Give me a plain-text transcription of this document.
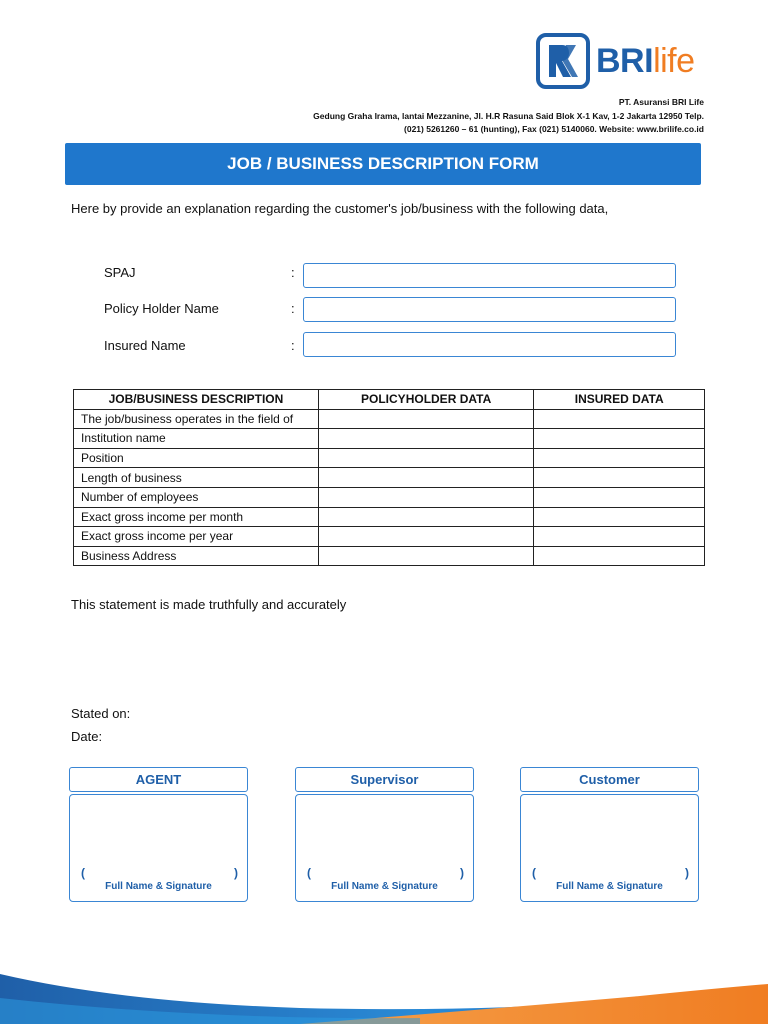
BRIlife
PT. Asuransi BRI Life
Gedung Graha Irama, lantai Mezzanine, Jl. H.R Rasuna Said Blok X-1 Kav, 1-2 Jakarta 12950 Telp.
(021) 5261260 – 61 (hunting), Fax (021) 5140060. Website: www.brilife.co.id
JOB / BUSINESS DESCRIPTION FORM
Here by provide an explanation regarding the customer's job/business with the following data,
SPAJ	:
Policy Holder Name	:
Insured Name	:
JOB/BUSINESS DESCRIPTION	POLICYHOLDER DATA	INSURED DATA
The job/business operates in the field of		
Institution name		
Position		
Length of business		
Number of employees		
Exact gross income per month		
Exact gross income per year		
Business Address		
This statement is made truthfully and accurately
Stated on:
Date:
AGENT
(	)
Full Name & Signature
Supervisor
(	)
Full Name & Signature
Customer
(	)
Full Name & Signature
